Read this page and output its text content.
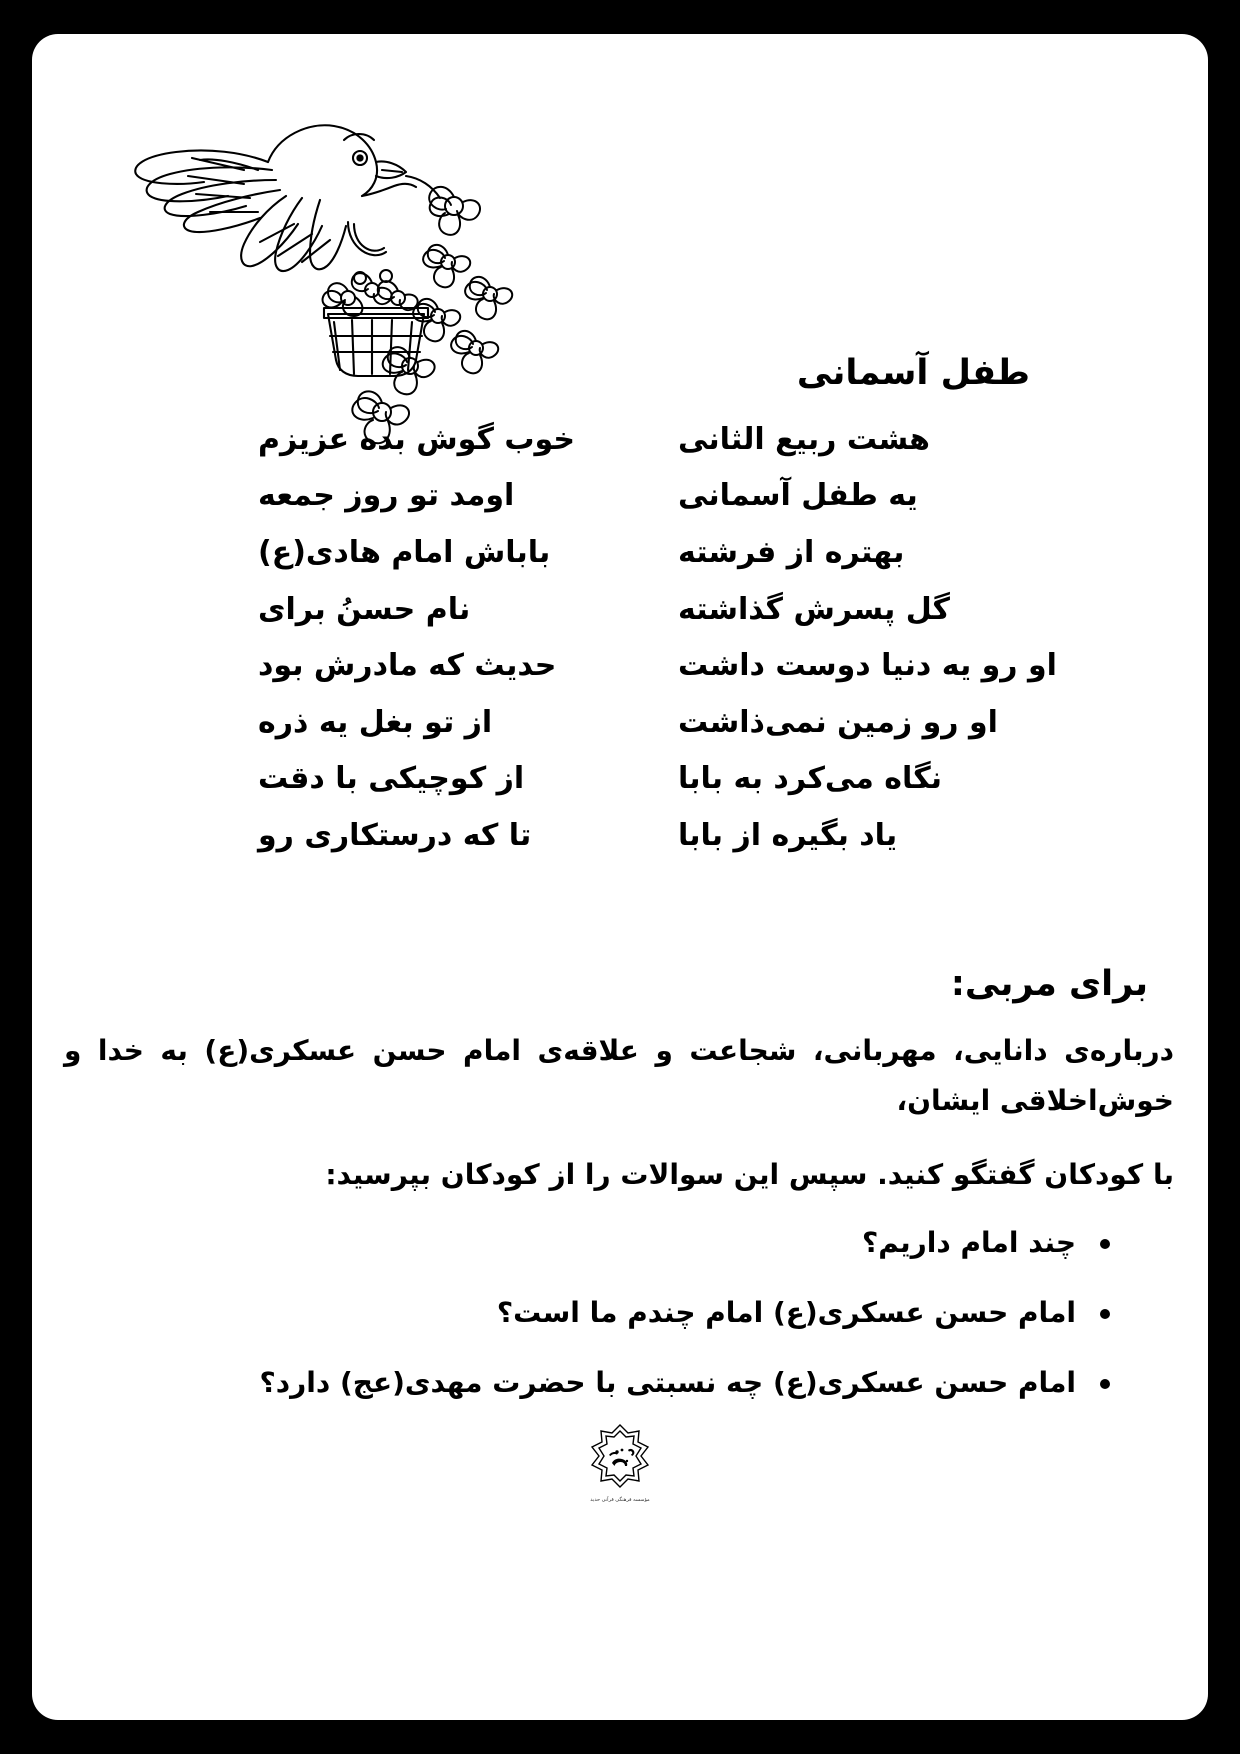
طفل آسمانی
هشت ربیع الثانی
خوب گوش بده عزیزم
یه طفل آسمانی
اومد تو روز جمعه
بهتره از فرشته
باباش امام هادی(ع)
گل پسرش گذاشته
نام حسنُ برای
او رو یه دنیا دوست داشت
حدیث که مادرش بود
او رو زمین نمی‌ذاشت
از تو بغل یه ذره
نگاه می‌کرد به بابا
از کوچیکی با دقت
یاد بگیره از بابا
تا که درستکاری رو
برای مربی:

درباره‌ی دانایی، مهربانی، شجاعت و علاقه‌ی امام حسن عسکری(ع) به خدا و خوش‌اخلاقی ایشان،

با کودکان گفتگو کنید. سپس این سوالات را از کودکان بپرسید:

چند امام داریم؟
امام حسن عسکری(ع) امام چندم ما است؟
امام حسن عسکری(ع) چه نسبتی با حضرت مهدی(عج) دارد؟
مؤسسه فرهنگی قرآنی حدید
